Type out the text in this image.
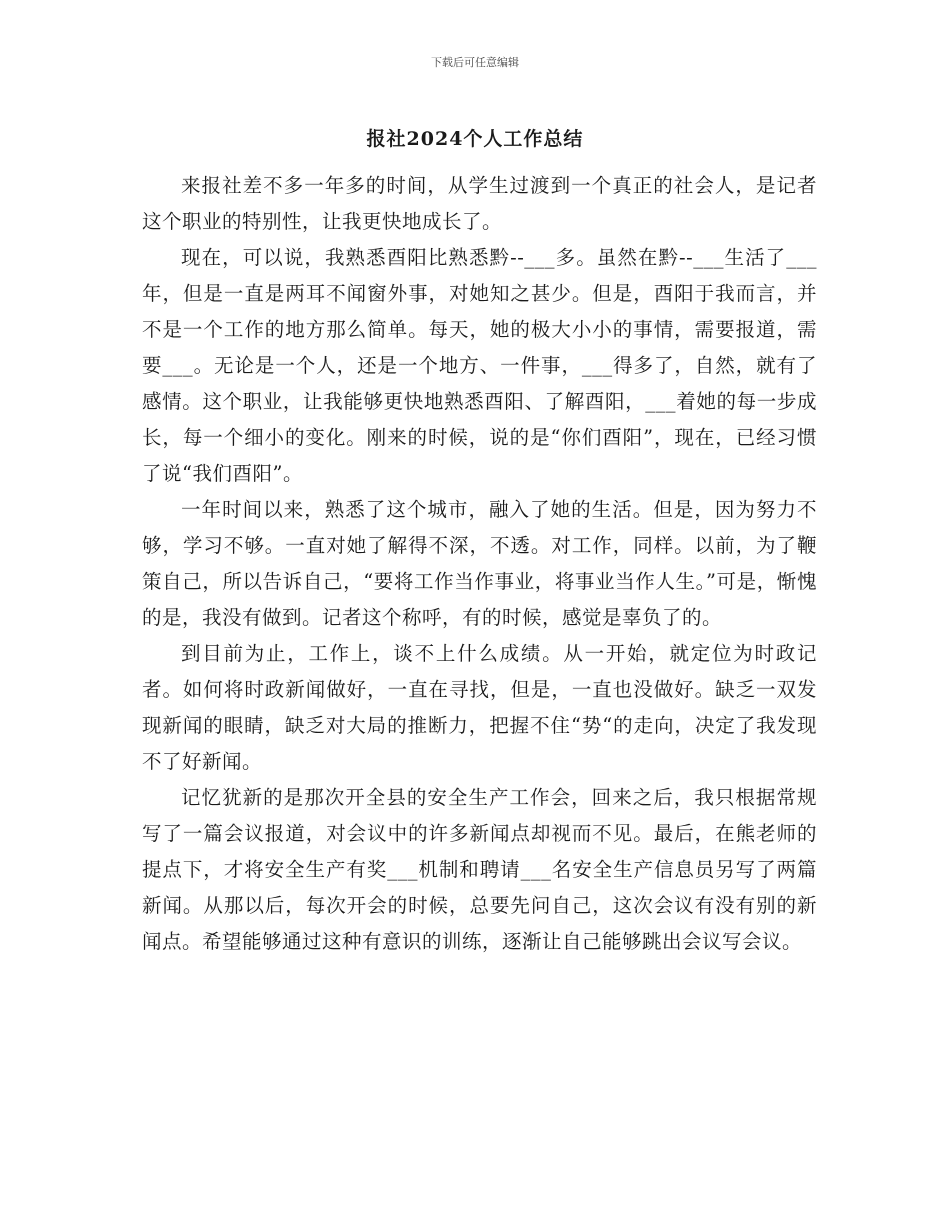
下载后可任意编辑
报社2024个人工作总结

来报社差不多一年多的时间，从学生过渡到一个真正的社会人，是记者这个职业的特别性，让我更快地成长了。

现在，可以说，我熟悉酉阳比熟悉黔--___多。虽然在黔--___生活了___年，但是一直是两耳不闻窗外事，对她知之甚少。但是，酉阳于我而言，并不是一个工作的地方那么简单。每天，她的极大小小的事情，需要报道，需要___。无论是一个人，还是一个地方、一件事，___得多了，自然，就有了感情。这个职业，让我能够更快地熟悉酉阳、了解酉阳，___着她的每一步成长，每一个细小的变化。刚来的时候，说的是“你们酉阳”，现在，已经习惯了说“我们酉阳”。

一年时间以来，熟悉了这个城市，融入了她的生活。但是，因为努力不够，学习不够。一直对她了解得不深，不透。对工作，同样。以前，为了鞭策自己，所以告诉自己，“要将工作当作事业，将事业当作人生。”可是，惭愧的是，我没有做到。记者这个称呼，有的时候，感觉是辜负了的。

到目前为止，工作上，谈不上什么成绩。从一开始，就定位为时政记者。如何将时政新闻做好，一直在寻找，但是，一直也没做好。缺乏一双发现新闻的眼睛，缺乏对大局的推断力，把握不住“势“的走向，决定了我发现不了好新闻。

记忆犹新的是那次开全县的安全生产工作会，回来之后，我只根据常规写了一篇会议报道，对会议中的许多新闻点却视而不见。最后，在熊老师的提点下，才将安全生产有奖___机制和聘请___名安全生产信息员另写了两篇新闻。从那以后，每次开会的时候，总要先问自己，这次会议有没有别的新闻点。希望能够通过这种有意识的训练，逐渐让自己能够跳出会议写会议。
